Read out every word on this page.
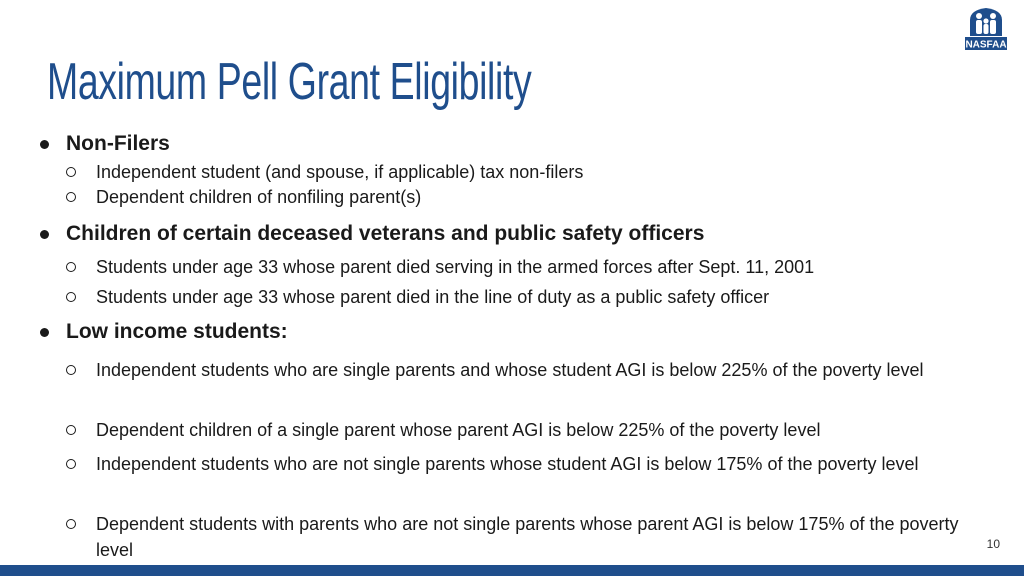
Maximum Pell Grant Eligibility
NASFAA
Non-Filers
Independent student (and spouse, if applicable) tax non-filers
Dependent children of nonfiling parent(s)
Children of certain deceased veterans and public safety officers
Students under age 33 whose parent died serving in the armed forces after Sept. 11, 2001
Students under age 33 whose parent died in the line of duty as a public safety officer
Low income students:
Independent students who are single parents and whose student AGI is below 225% of the poverty level
Dependent children of a single parent whose parent AGI is below 225% of the poverty level
Independent students who are not single parents whose student AGI is below 175% of the poverty level
Dependent students with parents who are not single parents whose parent AGI is below 175% of the poverty level	10
